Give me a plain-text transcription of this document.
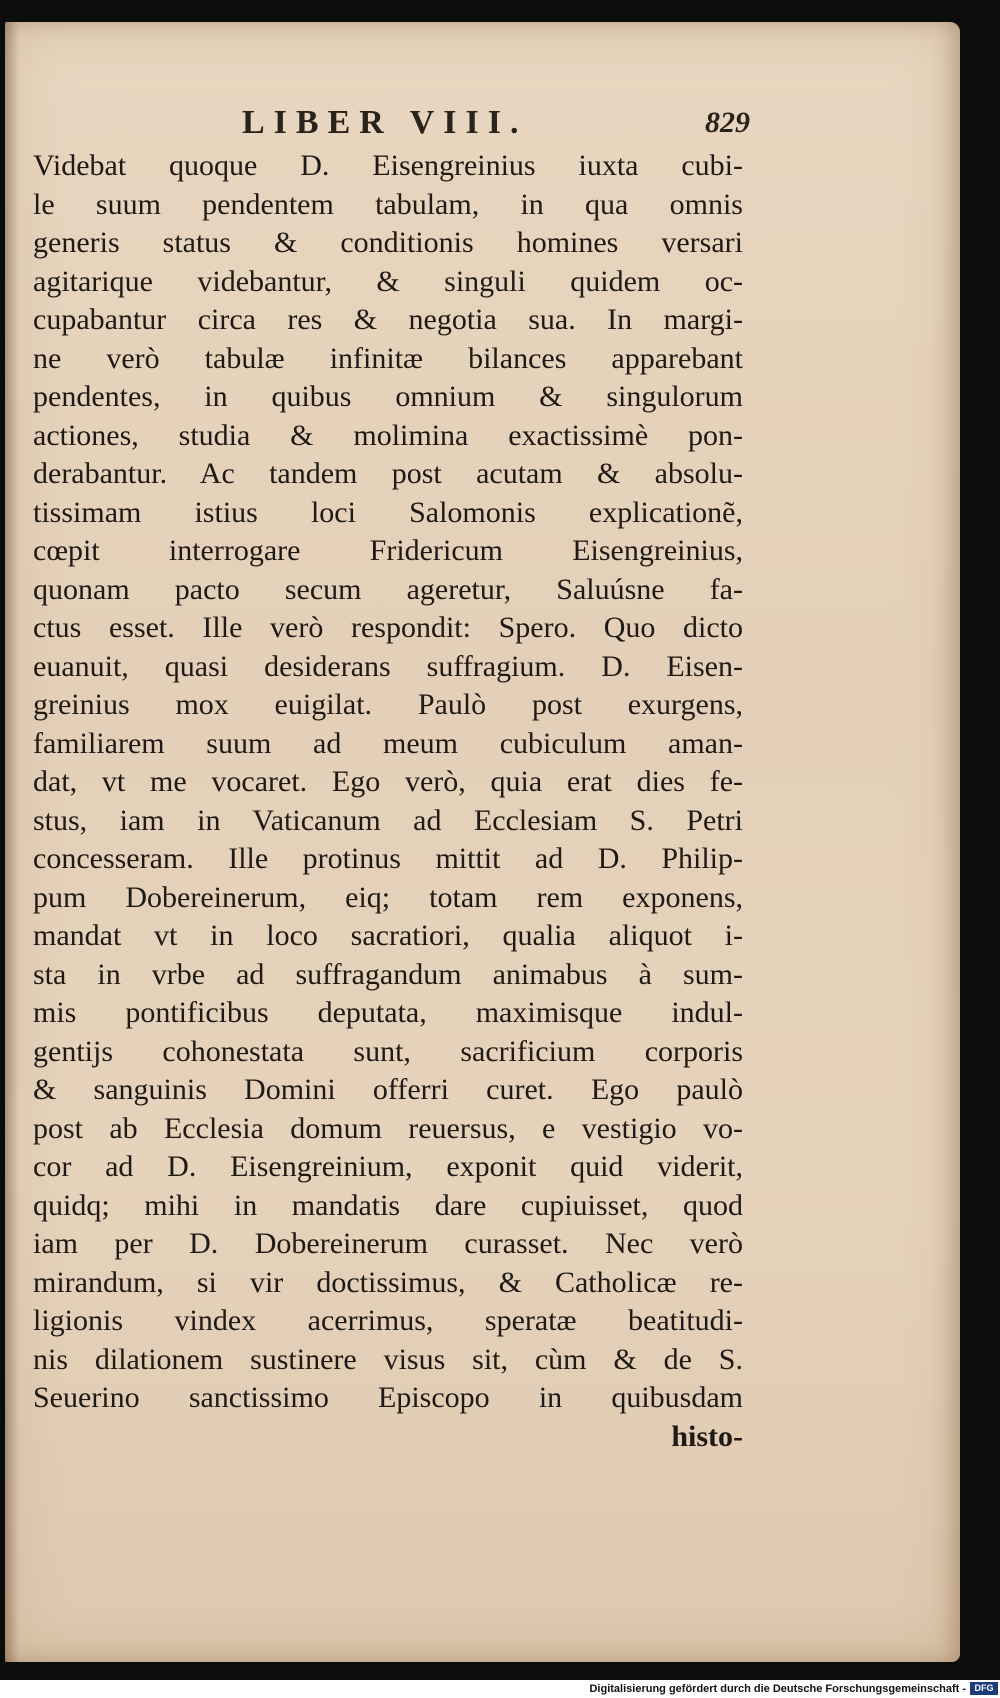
LIBER VIII.	829
Videbat quoque D. Eisengreinius iuxta cubi-
le suum pendentem tabulam, in qua omnis
generis status & conditionis homines versari
agitarique videbantur, & singuli quidem oc-
cupabantur circa res & negotia sua. In margi-
ne verò tabulæ infinitæ bilances apparebant
pendentes, in quibus omnium & singulorum
actiones, studia & molimina exactissimè pon-
derabantur. Ac tandem post acutam & absolu-
tissimam istius loci Salomonis explicationẽ,
cœpit interrogare Fridericum Eisengreinius,
quonam pacto secum ageretur, Saluúsne fa-
ctus esset. Ille verò respondit: Spero. Quo dicto
euanuit, quasi desiderans suffragium. D. Eisen-
greinius mox euigilat. Paulò post exurgens,
familiarem suum ad meum cubiculum aman-
dat, vt me vocaret. Ego verò, quia erat dies fe-
stus, iam in Vaticanum ad Ecclesiam S. Petri
concesseram. Ille protinus mittit ad D. Philip-
pum Dobereinerum, eiq; totam rem exponens,
mandat vt in loco sacratiori, qualia aliquot i-
sta in vrbe ad suffragandum animabus à sum-
mis pontificibus deputata, maximisque indul-
gentijs cohonestata sunt, sacrificium corporis
& sanguinis Domini offerri curet. Ego paulò
post ab Ecclesia domum reuersus, e vestigio vo-
cor ad D. Eisengreinium, exponit quid viderit,
quidq; mihi in mandatis dare cupiuisset, quod
iam per D. Dobereinerum curasset. Nec verò
mirandum, si vir doctissimus, & Catholicæ re-
ligionis vindex acerrimus, speratæ beatitudi-
nis dilationem sustinere visus sit, cùm & de S.
Seuerino sanctissimo Episcopo in quibusdam
histo-
Digitalisierung gefördert durch die Deutsche Forschungsgemeinschaft - DFG
